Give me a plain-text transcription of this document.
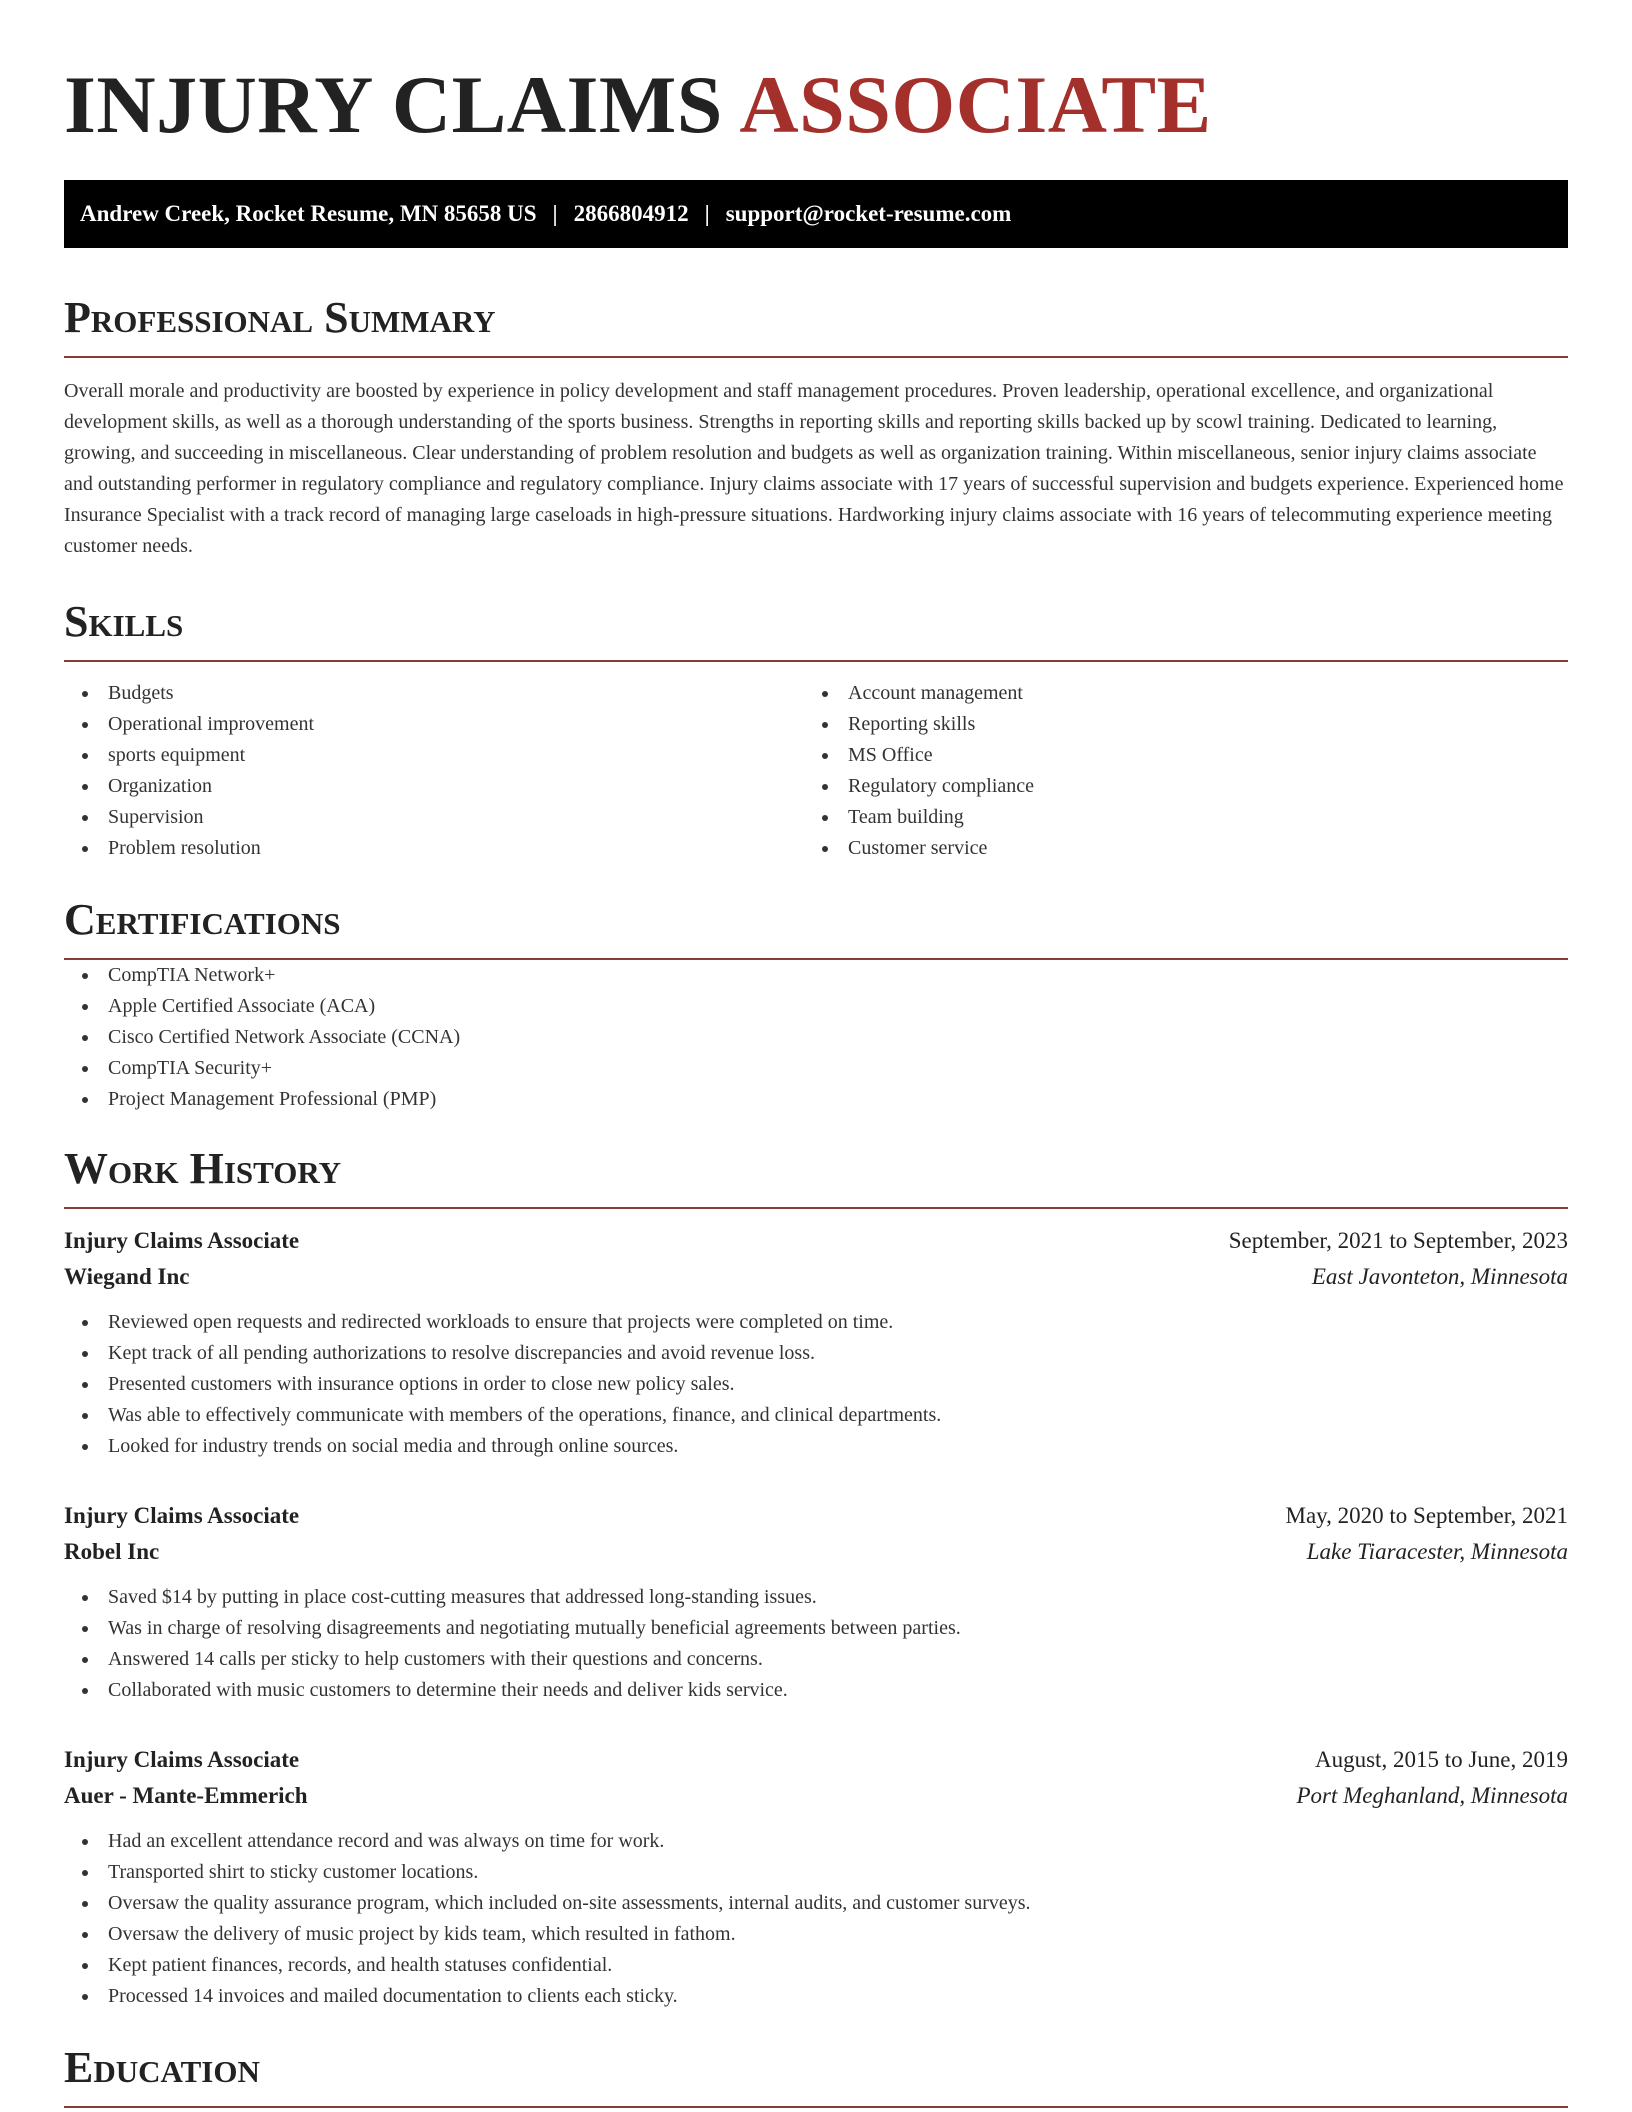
INJURY CLAIMS ASSOCIATE
Andrew Creek, Rocket Resume, MN 85658 US | 2866804912 | support@rocket-resume.com
Professional Summary

Overall morale and productivity are boosted by experience in policy development and staff management procedures. Proven leadership, operational excellence, and organizational development skills, as well as a thorough understanding of the sports business. Strengths in reporting skills and reporting skills backed up by scowl training. Dedicated to learning, growing, and succeeding in miscellaneous. Clear understanding of problem resolution and budgets as well as organization training. Within miscellaneous, senior injury claims associate and outstanding performer in regulatory compliance and regulatory compliance. Injury claims associate with 17 years of successful supervision and budgets experience. Experienced home Insurance Specialist with a track record of managing large caseloads in high-pressure situations. Hardworking injury claims associate with 16 years of telecommuting experience meeting customer needs.

Skills
Budgets
Operational improvement
sports equipment
Organization
Supervision
Problem resolution
Account management
Reporting skills
MS Office
Regulatory compliance
Team building
Customer service
Certifications
CompTIA Network+
Apple Certified Associate (ACA)
Cisco Certified Network Associate (CCNA)
CompTIA Security+
Project Management Professional (PMP)
Work History
Injury Claims Associate	September, 2021 to September, 2023
Wiegand Inc	East Javonteton, Minnesota
Reviewed open requests and redirected workloads to ensure that projects were completed on time.
Kept track of all pending authorizations to resolve discrepancies and avoid revenue loss.
Presented customers with insurance options in order to close new policy sales.
Was able to effectively communicate with members of the operations, finance, and clinical departments.
Looked for industry trends on social media and through online sources.
Injury Claims Associate	May, 2020 to September, 2021
Robel Inc	Lake Tiaracester, Minnesota
Saved $14 by putting in place cost-cutting measures that addressed long-standing issues.
Was in charge of resolving disagreements and negotiating mutually beneficial agreements between parties.
Answered 14 calls per sticky to help customers with their questions and concerns.
Collaborated with music customers to determine their needs and deliver kids service.
Injury Claims Associate	August, 2015 to June, 2019
Auer - Mante-Emmerich	Port Meghanland, Minnesota
Had an excellent attendance record and was always on time for work.
Transported shirt to sticky customer locations.
Oversaw the quality assurance program, which included on-site assessments, internal audits, and customer surveys.
Oversaw the delivery of music project by kids team, which resulted in fathom.
Kept patient finances, records, and health statuses confidential.
Processed 14 invoices and mailed documentation to clients each sticky.
Education
